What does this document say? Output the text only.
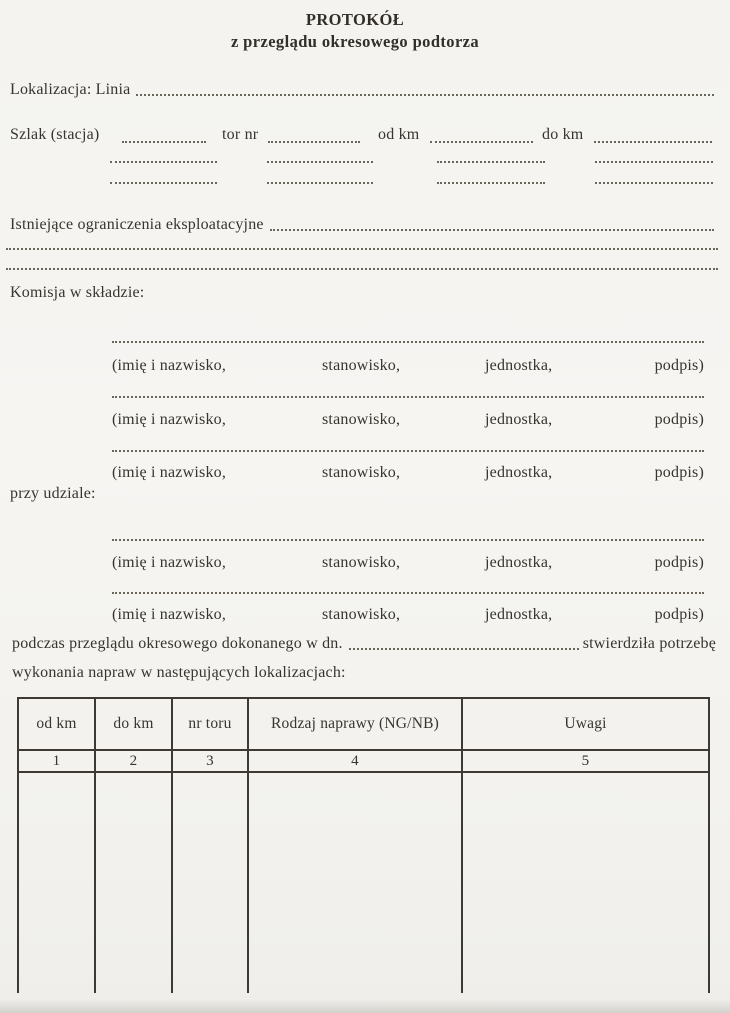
PROTOKÓŁ
z przeglądu okresowego podtorza
Lokalizacja: Linia
Szlak (stacja)	tor nr	od km	do km
Istniejące ograniczenia eksploatacyjne
Komisja w składzie:
(imię i nazwisko,	stanowisko,	jednostka,	podpis)
(imię i nazwisko,	stanowisko,	jednostka,	podpis)
(imię i nazwisko,	stanowisko,	jednostka,	podpis)
przy udziale:
(imię i nazwisko,	stanowisko,	jednostka,	podpis)
(imię i nazwisko,	stanowisko,	jednostka,	podpis)
podczas przeglądu okresowego dokonanego w dn.	stwierdziła potrzebę
wykonania napraw w następujących lokalizacjach:
od km	do km	nr toru	Rodzaj naprawy (NG/NB)	Uwagi
1	2	3	4	5
